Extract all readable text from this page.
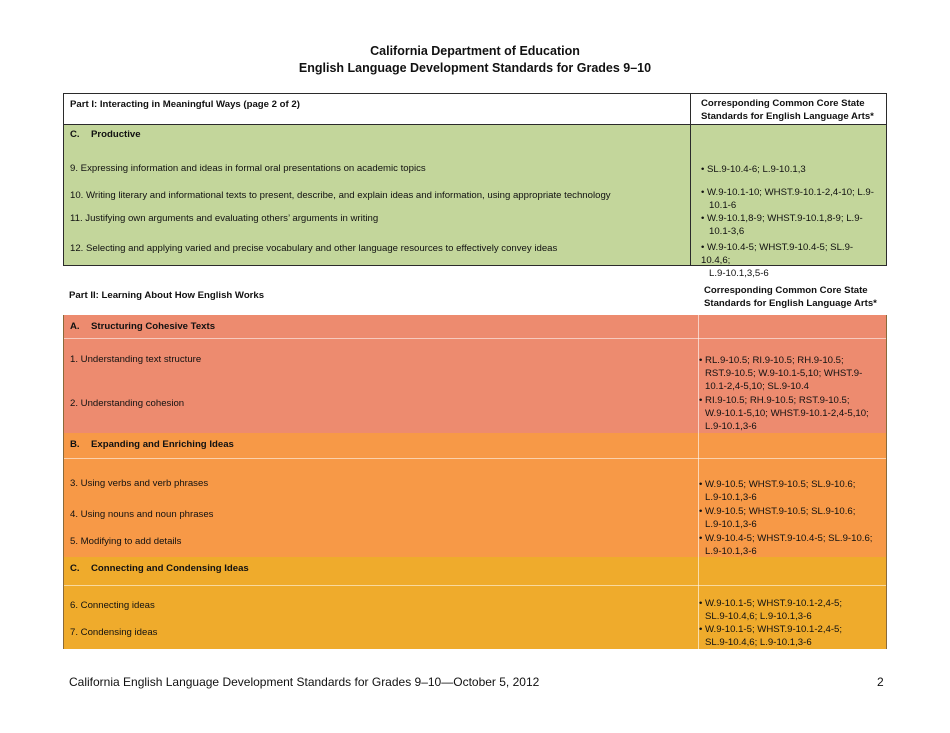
California Department of Education
English Language Development Standards for Grades 9–10
Part I: Interacting in Meaningful Ways (page 2 of 2)	Corresponding Common Core State
Standards for English Language Arts*
C. Productive
9. Expressing information and ideas in formal oral presentations on academic topics	• SL.9-10.4-6; L.9-10.1,3
10. Writing literary and informational texts to present, describe, and explain ideas and information, using appropriate technology	• W.9-10.1-10; WHST.9-10.1-2,4-10; L.9-
10.1-6
11. Justifying own arguments and evaluating others’ arguments in writing	• W.9-10.1,8-9; WHST.9-10.1,8-9; L.9-
10.1-3,6
12. Selecting and applying varied and precise vocabulary and other language resources to effectively convey ideas	• W.9-10.4-5; WHST.9-10.4-5; SL.9-10.4,6;
L.9-10.1,3,5-6
Part II: Learning About How English Works	Corresponding Common Core State
Standards for English Language Arts*
A. Structuring Cohesive Texts
1. Understanding text structure	• RL.9-10.5; RI.9-10.5; RH.9-10.5;
RST.9-10.5; W.9-10.1-5,10; WHST.9-
10.1-2,4-5,10; SL.9-10.4
2. Understanding cohesion	• RI.9-10.5; RH.9-10.5; RST.9-10.5;
W.9-10.1-5,10; WHST.9-10.1-2,4-5,10;
L.9-10.1,3-6
B. Expanding and Enriching Ideas
3. Using verbs and verb phrases	• W.9-10.5; WHST.9-10.5; SL.9-10.6;
L.9-10.1,3-6
4. Using nouns and noun phrases	• W.9-10.5; WHST.9-10.5; SL.9-10.6;
L.9-10.1,3-6
5. Modifying to add details	• W.9-10.4-5; WHST.9-10.4-5; SL.9-10.6;
L.9-10.1,3-6
C. Connecting and Condensing Ideas
6. Connecting ideas	• W.9-10.1-5; WHST.9-10.1-2,4-5;
SL.9-10.4,6; L.9-10.1,3-6
7. Condensing ideas	• W.9-10.1-5; WHST.9-10.1-2,4-5;
SL.9-10.4,6; L.9-10.1,3-6
California English Language Development Standards for Grades 9–10—October 5, 2012	2
